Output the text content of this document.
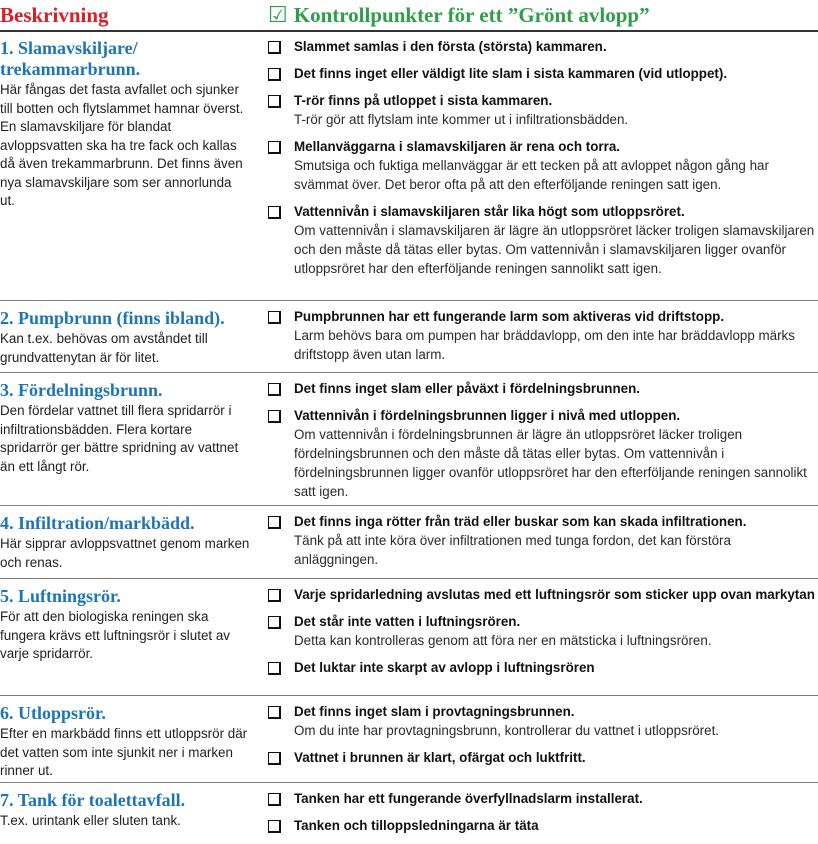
Beskrivning	☑ Kontrollpunkter för ett ”Grönt avlopp”
1. Slamavskiljare/ trekammarbrunn.
Här fångas det fasta avfallet och sjunker till botten och flytslammet hamnar överst. En slamavskiljare för blandat avloppsvatten ska ha tre fack och kallas då även trekammarbrunn. Det finns även nya slamavskiljare som ser annorlunda ut.
Slammet samlas i den första (största) kammaren.
Det finns inget eller väldigt lite slam i sista kammaren (vid utloppet).
T-rör finns på utloppet i sista kammaren.
T-rör gör att flytslam inte kommer ut i infiltrationsbädden.
Mellanväggarna i slamavskiljaren är rena och torra.
Smutsiga och fuktiga mellanväggar är ett tecken på att avloppet någon gång har svämmat över. Det beror ofta på att den efterföljande reningen satt igen.
Vattennivån i slamavskiljaren står lika högt som utloppsröret.
Om vattennivån i slamavskiljaren är lägre än utloppsröret läcker troligen slamavskiljaren och den måste då tätas eller bytas. Om vattennivån i slamavskiljaren ligger ovanför utloppsröret har den efterföljande reningen sannolikt satt igen.
2. Pumpbrunn (finns ibland).
Kan t.ex. behövas om avståndet till grundvattenytan är för litet.
Pumpbrunnen har ett fungerande larm som aktiveras vid driftstopp.
Larm behövs bara om pumpen har bräddavlopp, om den inte har bräddavlopp märks driftstopp även utan larm.
3. Fördelningsbrunn.
Den fördelar vattnet till flera spridarrör i infiltrationsbädden. Flera kortare spridarrör ger bättre spridning av vattnet än ett långt rör.
Det finns inget slam eller påväxt i fördelningsbrunnen.
Vattennivån i fördelningsbrunnen ligger i nivå med utloppen.
Om vattennivån i fördelningsbrunnen är lägre än utloppsröret läcker troligen fördelningsbrunnen och den måste då tätas eller bytas. Om vattennivån i fördelningsbrunnen ligger ovanför utloppsröret har den efterföljande reningen sannolikt satt igen.
4. Infiltration/markbädd.
Här sipprar avloppsvattnet genom marken och renas.
Det finns inga rötter från träd eller buskar som kan skada infiltrationen.
Tänk på att inte köra över infiltrationen med tunga fordon, det kan förstöra anläggningen.
5. Luftningsrör.
För att den biologiska reningen ska fungera krävs ett luftningsrör i slutet av varje spridarrör.
Varje spridarledning avslutas med ett luftningsrör som sticker upp ovan markytan
Det står inte vatten i luftningsrören.
Detta kan kontrolleras genom att föra ner en mätsticka i luftningsrören.
Det luktar inte skarpt av avlopp i luftningsrören
6. Utloppsrör.
Efter en markbädd finns ett utloppsrör där det vatten som inte sjunkit ner i marken rinner ut.
Det finns inget slam i provtagningsbrunnen.
Om du inte har provtagningsbrunn, kontrollerar du vattnet i utloppsröret.
Vattnet i brunnen är klart, ofärgat och luktfritt.
7. Tank för toalettavfall.
T.ex. urintank eller sluten tank.
Tanken har ett fungerande överfyllnadslarm installerat.
Tanken och tilloppsledningarna är täta
